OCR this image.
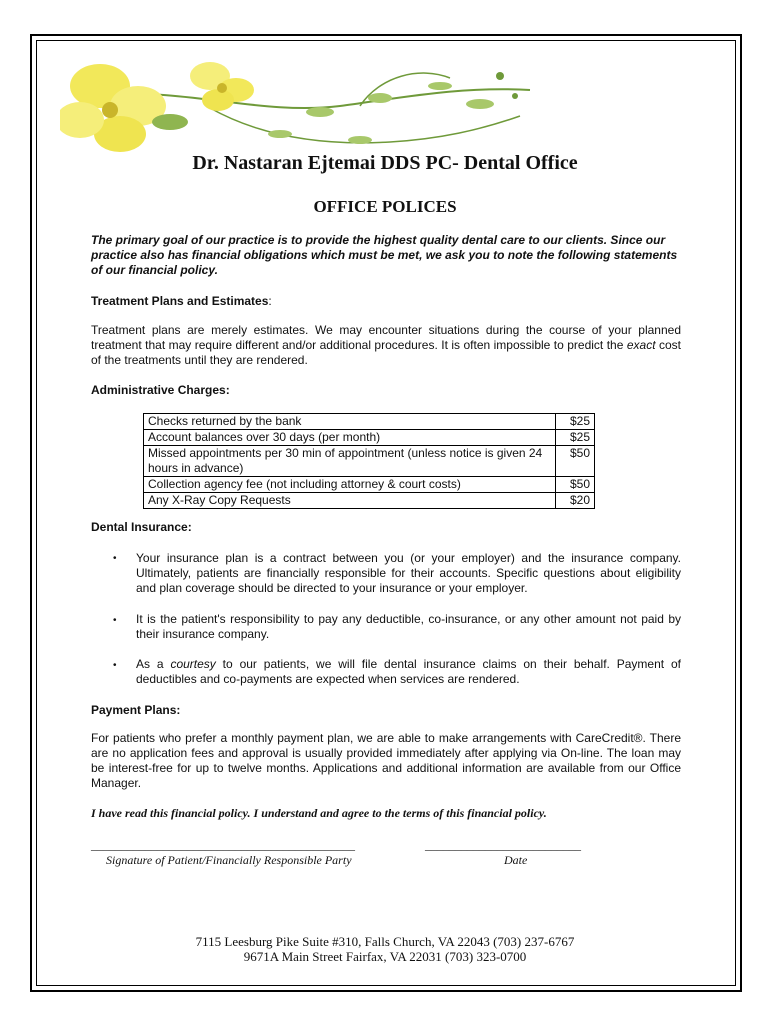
Dr. Nastaran Ejtemai DDS PC- Dental Office
OFFICE POLICES
The primary goal of our practice is to provide the highest quality dental care to our clients. Since our practice also has financial obligations which must be met, we ask you to note the following statements of our financial policy.
Treatment Plans and Estimates:
Treatment plans are merely estimates. We may encounter situations during the course of your planned treatment that may require different and/or additional procedures. It is often impossible to predict the exact cost of the treatments until they are rendered.
Administrative Charges:
Checks returned by the bank	$25
Account balances over 30 days (per month)	$25
Missed appointments per 30 min of appointment (unless notice is given 24 hours in advance)	$50
Collection agency fee (not including attorney & court costs)	$50
Any X-Ray Copy Requests	$20
Dental Insurance:
• Your insurance plan is a contract between you (or your employer) and the insurance company. Ultimately, patients are financially responsible for their accounts. Specific questions about eligibility and plan coverage should be directed to your insurance or your employer.
• It is the patient's responsibility to pay any deductible, co-insurance, or any other amount not paid by their insurance company.
• As a courtesy to our patients, we will file dental insurance claims on their behalf. Payment of deductibles and co-payments are expected when services are rendered.
Payment Plans:
For patients who prefer a monthly payment plan, we are able to make arrangements with CareCredit®. There are no application fees and approval is usually provided immediately after applying via On-line. The loan may be interest-free for up to twelve months. Applications and additional information are available from our Office Manager.
I have read this financial policy. I understand and agree to the terms of this financial policy.
____________________________________________
Signature of Patient/Financially Responsible Party
__________________________
Date
7115 Leesburg Pike Suite #310, Falls Church, VA 22043 (703) 237-6767
9671A Main Street Fairfax, VA 22031 (703) 323-0700
